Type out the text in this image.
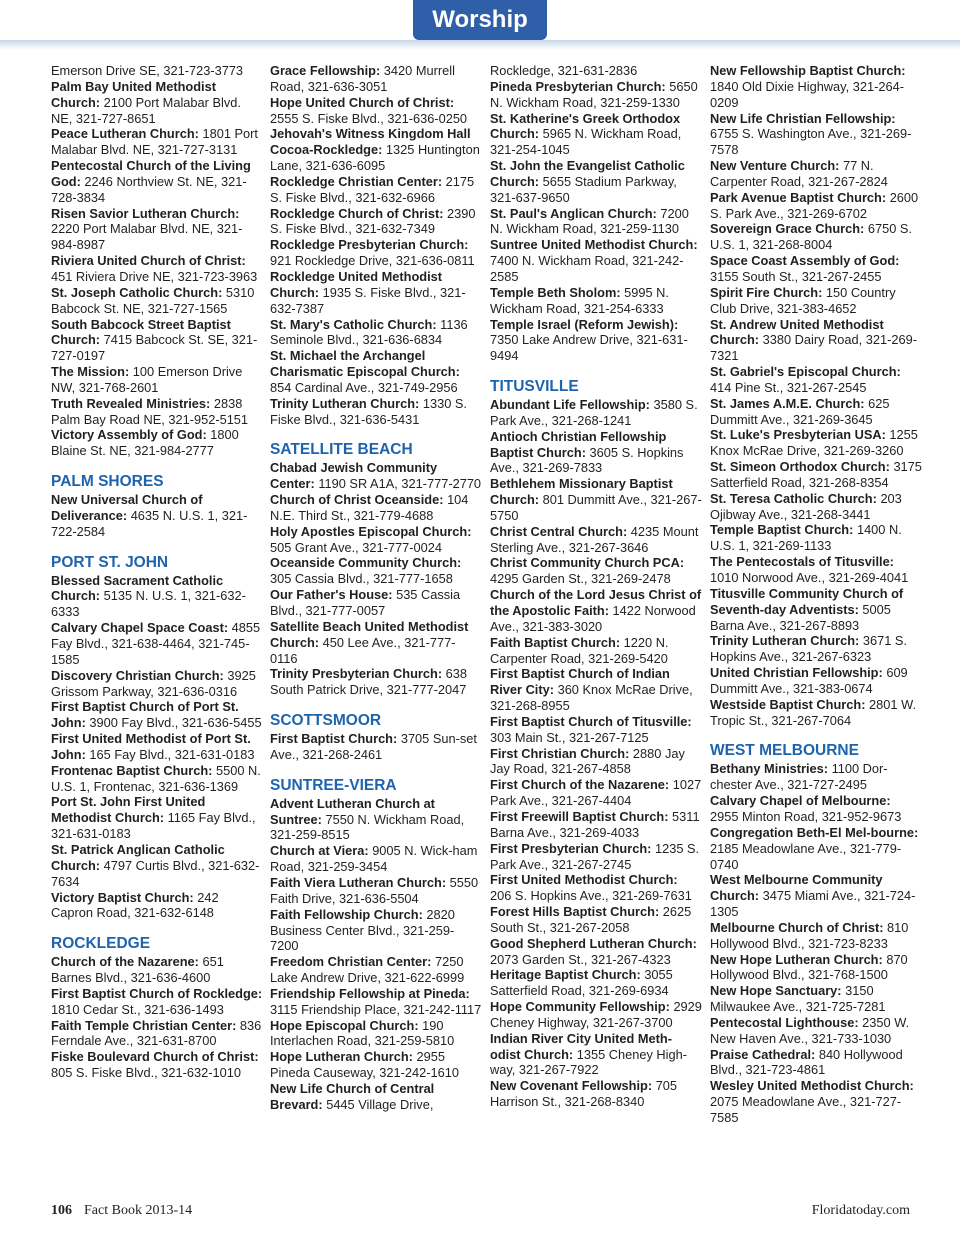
Worship
Emerson Drive SE, 321-723-3773
Palm Bay United Methodist Church: 2100 Port Malabar Blvd. NE, 321-727-8651
Peace Lutheran Church: 1801 Port Malabar Blvd. NE, 321-727-3131
Pentecostal Church of the Living God: 2246 Northview St. NE, 321-728-3834
Risen Savior Lutheran Church: 2220 Port Malabar Blvd. NE, 321-984-8987
Riviera United Church of Christ: 451 Riviera Drive NE, 321-723-3963
St. Joseph Catholic Church: 5310 Babcock St. NE, 321-727-1565
South Babcock Street Baptist Church: 7415 Babcock St. SE, 321-727-0197
The Mission: 100 Emerson Drive NW, 321-768-2601
Truth Revealed Ministries: 2838 Palm Bay Road NE, 321-952-5151
Victory Assembly of God: 1800 Blaine St. NE, 321-984-2777
PALM SHORES
New Universal Church of Deliverance: 4635 N. U.S. 1, 321-722-2584
PORT ST. JOHN
Blessed Sacrament Catholic Church: 5135 N. U.S. 1, 321-632-6333
Calvary Chapel Space Coast: 4855 Fay Blvd., 321-638-4464, 321-745-1585
Discovery Christian Church: 3925 Grissom Parkway, 321-636-0316
First Baptist Church of Port St. John: 3900 Fay Blvd., 321-636-5455
First United Methodist of Port St. John: 165 Fay Blvd., 321-631-0183
Frontenac Baptist Church: 5500 N. U.S. 1, Frontenac, 321-636-1369
Port St. John First United Methodist Church: 1165 Fay Blvd., 321-631-0183
St. Patrick Anglican Catholic Church: 4797 Curtis Blvd., 321-632-7634
Victory Baptist Church: 242 Capron Road, 321-632-6148
ROCKLEDGE
Church of the Nazarene: 651 Barnes Blvd., 321-636-4600
First Baptist Church of Rockledge: 1810 Cedar St., 321-636-1493
Faith Temple Christian Center: 836 Ferndale Ave., 321-631-8700
Fiske Boulevard Church of Christ: 805 S. Fiske Blvd., 321-632-1010
Grace Fellowship: 3420 Murrell Road, 321-636-3051
Hope United Church of Christ: 2555 S. Fiske Blvd., 321-636-0250
Jehovah's Witness Kingdom Hall Cocoa-Rockledge: 1325 Huntington Lane, 321-636-6095
Rockledge Christian Center: 2175 S. Fiske Blvd., 321-632-6966
Rockledge Church of Christ: 2390 S. Fiske Blvd., 321-632-7349
Rockledge Presbyterian Church: 921 Rockledge Drive, 321-636-0811
Rockledge United Methodist Church: 1935 S. Fiske Blvd., 321-632-7387
St. Mary's Catholic Church: 1136 Seminole Blvd., 321-636-6834
St. Michael the Archangel Charismatic Episcopal Church: 854 Cardinal Ave., 321-749-2956
Trinity Lutheran Church: 1330 S. Fiske Blvd., 321-636-5431
SATELLITE BEACH
Chabad Jewish Community Center: 1190 SR A1A, 321-777-2770
Church of Christ Oceanside: 104 N.E. Third St., 321-779-4688
Holy Apostles Episcopal Church: 505 Grant Ave., 321-777-0024
Oceanside Community Church: 305 Cassia Blvd., 321-777-1658
Our Father's House: 535 Cassia Blvd., 321-777-0057
Satellite Beach United Methodist Church: 450 Lee Ave., 321-777-0116
Trinity Presbyterian Church: 638 South Patrick Drive, 321-777-2047
SCOTTSMOOR
First Baptist Church: 3705 Sun-set Ave., 321-268-2461
SUNTREE-VIERA
Advent Lutheran Church at Suntree: 7550 N. Wickham Road, 321-259-8515
Church at Viera: 9005 N. Wick-ham Road, 321-259-3454
Faith Viera Lutheran Church: 5550 Faith Drive, 321-636-5504
Faith Fellowship Church: 2820 Business Center Blvd., 321-259-7200
Freedom Christian Center: 7250 Lake Andrew Drive, 321-622-6999
Friendship Fellowship at Pineda: 3115 Friendship Place, 321-242-1117
Hope Episcopal Church: 190 Interlachen Road, 321-259-5810
Hope Lutheran Church: 2955 Pineda Causeway, 321-242-1610
New Life Church of Central Brevard: 5445 Village Drive,
Rockledge, 321-631-2836
Pineda Presbyterian Church: 5650 N. Wickham Road, 321-259-1330
St. Katherine's Greek Orthodox Church: 5965 N. Wickham Road, 321-254-1045
St. John the Evangelist Catholic Church: 5655 Stadium Parkway, 321-637-9650
St. Paul's Anglican Church: 7200 N. Wickham Road, 321-259-1130
Suntree United Methodist Church: 7400 N. Wickham Road, 321-242-2585
Temple Beth Sholom: 5995 N. Wickham Road, 321-254-6333
Temple Israel (Reform Jewish): 7350 Lake Andrew Drive, 321-631-9494
TITUSVILLE
Abundant Life Fellowship: 3580 S. Park Ave., 321-268-1241
Antioch Christian Fellowship Baptist Church: 3605 S. Hopkins Ave., 321-269-7833
Bethlehem Missionary Baptist Church: 801 Dummitt Ave., 321-267-5750
Christ Central Church: 4235 Mount Sterling Ave., 321-267-3646
Christ Community Church PCA: 4295 Garden St., 321-269-2478
Church of the Lord Jesus Christ of the Apostolic Faith: 1422 Norwood Ave., 321-383-3020
Faith Baptist Church: 1220 N. Carpenter Road, 321-269-5420
First Baptist Church of Indian River City: 360 Knox McRae Drive, 321-268-8955
First Baptist Church of Titusville: 303 Main St., 321-267-7125
First Christian Church: 2880 Jay Jay Road, 321-267-4858
First Church of the Nazarene: 1027 Park Ave., 321-267-4404
First Freewill Baptist Church: 5311 Barna Ave., 321-269-4033
First Presbyterian Church: 1235 S. Park Ave., 321-267-2745
First United Methodist Church: 206 S. Hopkins Ave., 321-269-7631
Forest Hills Baptist Church: 2625 South St., 321-267-2058
Good Shepherd Lutheran Church: 2073 Garden St., 321-267-4323
Heritage Baptist Church: 3055 Satterfield Road, 321-269-6934
Hope Community Fellowship: 2929 Cheney Highway, 321-267-3700
Indian River City United Meth-odist Church: 1355 Cheney High-way, 321-267-7922
New Covenant Fellowship: 705 Harrison St., 321-268-8340
New Fellowship Baptist Church: 1840 Old Dixie Highway, 321-264-0209
New Life Christian Fellowship: 6755 S. Washington Ave., 321-269-7578
New Venture Church: 77 N. Carpenter Road, 321-267-2824
Park Avenue Baptist Church: 2600 S. Park Ave., 321-269-6702
Sovereign Grace Church: 6750 S. U.S. 1, 321-268-8004
Space Coast Assembly of God: 3155 South St., 321-267-2455
Spirit Fire Church: 150 Country Club Drive, 321-383-4652
St. Andrew United Methodist Church: 3380 Dairy Road, 321-269-7321
St. Gabriel's Episcopal Church: 414 Pine St., 321-267-2545
St. James A.M.E. Church: 625 Dummitt Ave., 321-269-3645
St. Luke's Presbyterian USA: 1255 Knox McRae Drive, 321-269-3260
St. Simeon Orthodox Church: 3175 Satterfield Road, 321-268-8354
St. Teresa Catholic Church: 203 Ojibway Ave., 321-268-3441
Temple Baptist Church: 1400 N. U.S. 1, 321-269-1133
The Pentecostals of Titusville: 1010 Norwood Ave., 321-269-4041
Titusville Community Church of Seventh-day Adventists: 5005 Barna Ave., 321-267-8893
Trinity Lutheran Church: 3671 S. Hopkins Ave., 321-267-6323
United Christian Fellowship: 609 Dummitt Ave., 321-383-0674
Westside Baptist Church: 2801 W. Tropic St., 321-267-7064
WEST MELBOURNE
Bethany Ministries: 1100 Dor-chester Ave., 321-727-2495
Calvary Chapel of Melbourne: 2955 Minton Road, 321-952-9673
Congregation Beth-El Mel-bourne: 2185 Meadowlane Ave., 321-779-0740
West Melbourne Community Church: 3475 Miami Ave., 321-724-1305
Melbourne Church of Christ: 810 Hollywood Blvd., 321-723-8233
New Hope Lutheran Church: 870 Hollywood Blvd., 321-768-1500
New Hope Sanctuary: 3150 Milwaukee Ave., 321-725-7281
Pentecostal Lighthouse: 2350 W. New Haven Ave., 321-733-1030
Praise Cathedral: 840 Hollywood Blvd., 321-723-4861
Wesley United Methodist Church: 2075 Meadowlane Ave., 321-727-7585
106 Fact Book 2013-14	Floridatoday.com
